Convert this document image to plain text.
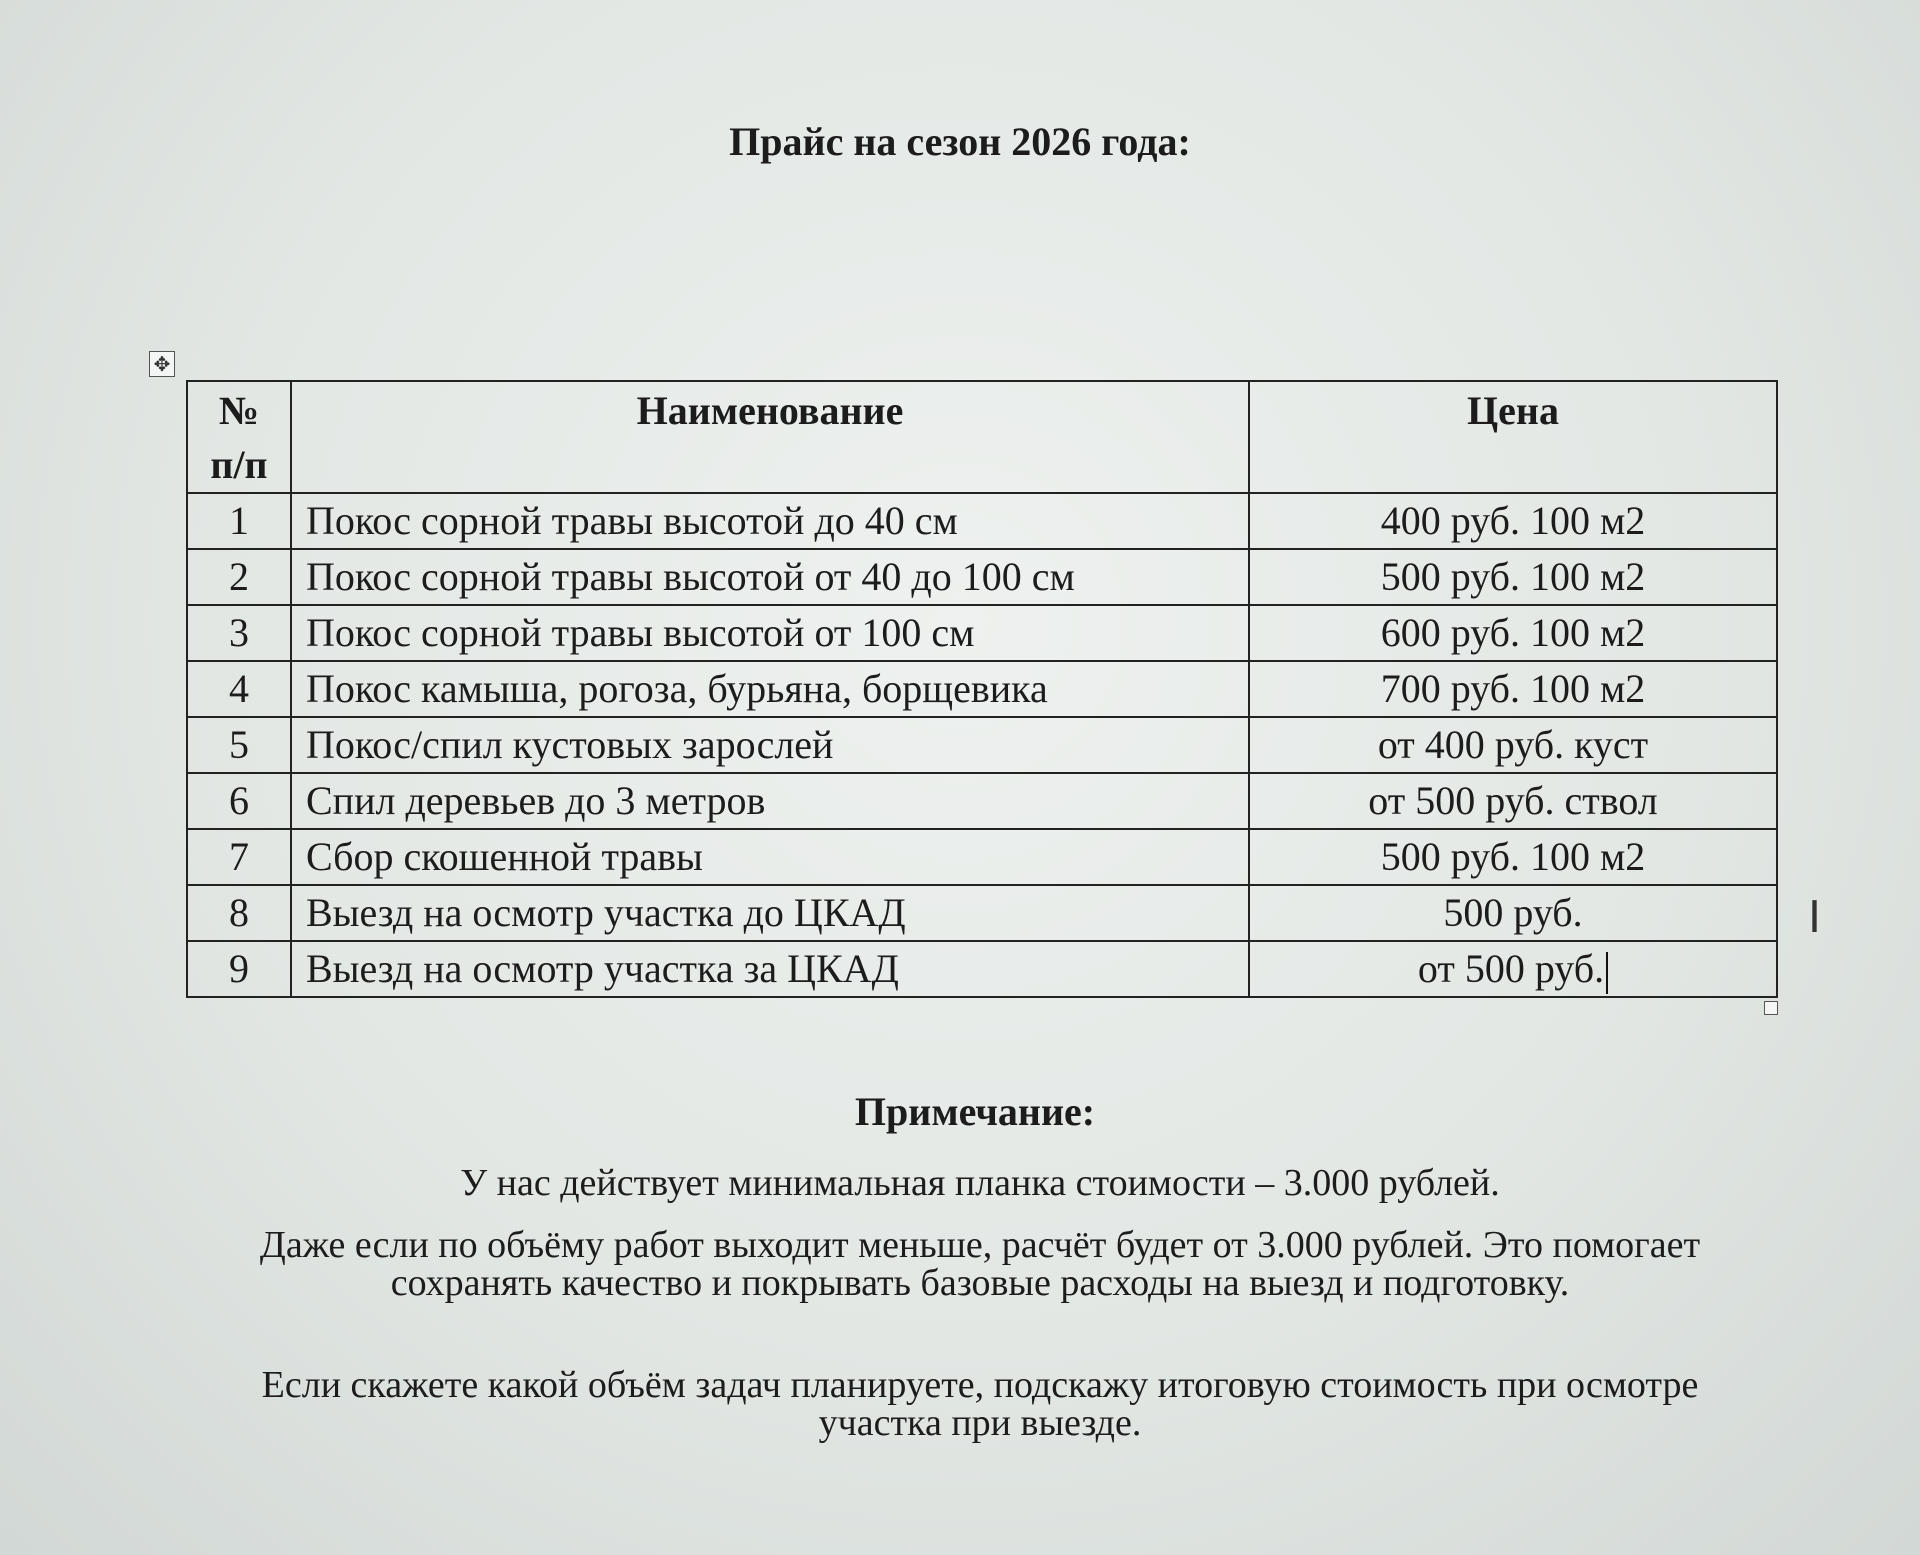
Прайс на сезон 2026 года:
✥
№
п/п	Наименование	Цена
1	Покос сорной травы высотой до 40 см	400 руб. 100 м2
2	Покос сорной травы высотой от 40 до 100 см	500 руб. 100 м2
3	Покос сорной травы высотой от 100 см	600 руб. 100 м2
4	Покос камыша, рогоза, бурьяна, борщевика	700 руб. 100 м2
5	Покос/спил кустовых зарослей	от 400 руб. куст
6	Спил деревьев до 3 метров	от 500 руб. ствол
7	Сбор скошенной травы	500 руб. 100 м2
8	Выезд на осмотр участка до ЦКАД	500 руб.
9	Выезд на осмотр участка за ЦКАД	от 500 руб.
I
Примечание:
У нас действует минимальная планка стоимости – 3.000 рублей.
Даже если по объёму работ выходит меньше, расчёт будет от 3.000 рублей. Это помогает сохранять качество и покрывать базовые расходы на выезд и подготовку.
Если скажете какой объём задач планируете, подскажу итоговую стоимость при осмотре участка при выезде.
